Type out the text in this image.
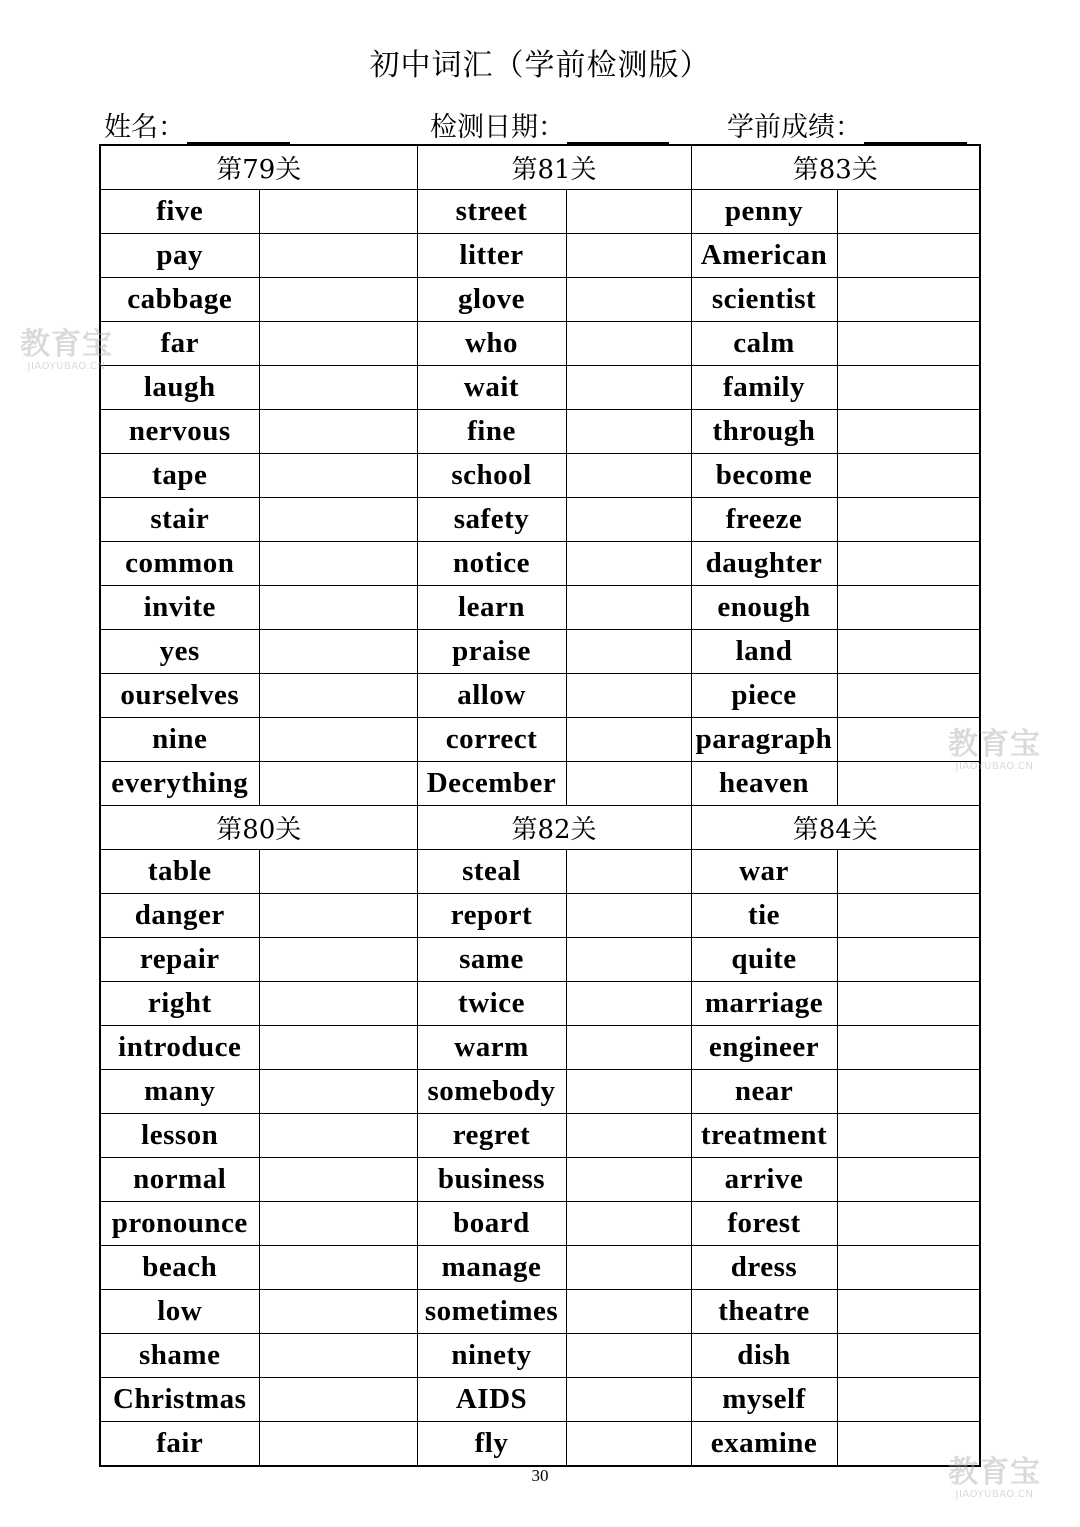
初中词汇（学前检测版）
姓名：	检测日期：	学前成绩：
第79关		第81关		第83关	
five		street		penny	
pay		litter		American	
cabbage		glove		scientist	
far		who		calm	
laugh		wait		family	
nervous		fine		through	
tape		school		become	
stair		safety		freeze	
common		notice		daughter	
invite		learn		enough	
yes		praise		land	
ourselves		allow		piece	
nine		correct		paragraph	
everything		December		heaven	
第80关		第82关		第84关	
table		steal		war	
danger		report		tie	
repair		same		quite	
right		twice		marriage	
introduce		warm		engineer	
many		somebody		near	
lesson		regret		treatment	
normal		business		arrive	
pronounce		board		forest	
beach		manage		dress	
low		sometimes		theatre	
shame		ninety		dish	
Christmas		AIDS		myself	
fair		fly		examine	
30
教育宝
JIAOYUBAO.CN
教育宝
JIAOYUBAO.CN
教育宝
JIAOYUBAO.CN
